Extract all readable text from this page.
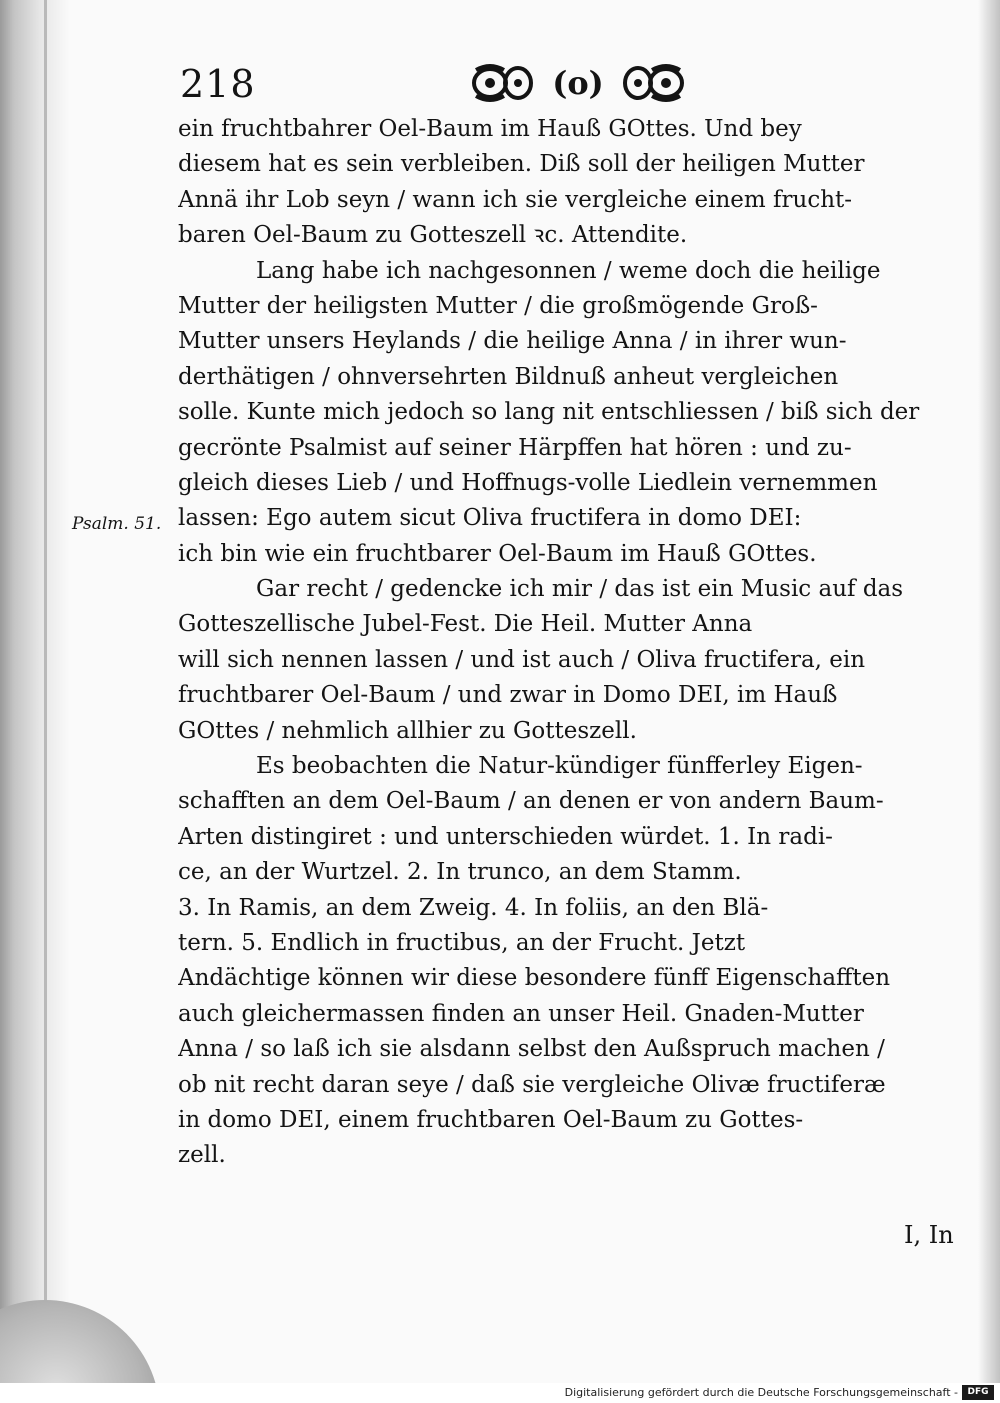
218	(o)
Psalm. 51.
ein fruchtbahrer Oel-Baum im Hauß GOttes. Und bey
diesem hat es sein verbleiben. Diß soll der heiligen Mutter
Annä ihr Lob seyn / wann ich sie vergleiche einem frucht-
baren Oel-Baum zu Gotteszell ꝛc. Attendite.
Lang habe ich nachgesonnen / weme doch die heilige
Mutter der heiligsten Mutter / die großmögende Groß-
Mutter unsers Heylands / die heilige Anna / in ihrer wun-
derthätigen / ohnversehrten Bildnuß anheut vergleichen
solle. Kunte mich jedoch so lang nit entschliessen / biß sich der
gecrönte Psalmist auf seiner Härpffen hat hören : und zu-
gleich dieses Lieb / und Hoffnugs-volle Liedlein vernemmen
lassen: Ego autem sicut Oliva fructifera in domo DEI:
ich bin wie ein fruchtbarer Oel-Baum im Hauß GOttes.
Gar recht / gedencke ich mir / das ist ein Music auf das
Gotteszellische Jubel-Fest. Die Heil. Mutter Anna
will sich nennen lassen / und ist auch / Oliva fructifera, ein
fruchtbarer Oel-Baum / und zwar in Domo DEI, im Hauß
GOttes / nehmlich allhier zu Gotteszell.
Es beobachten die Natur-kündiger fünfferley Eigen-
schafften an dem Oel-Baum / an denen er von andern Baum-
Arten distingiret : und unterschieden würdet. 1. In radi-
ce, an der Wurtzel. 2. In trunco, an dem Stamm.
3. In Ramis, an dem Zweig. 4. In foliis, an den Blä-
tern. 5. Endlich in fructibus, an der Frucht. Jetzt
Andächtige können wir diese besondere fünff Eigenschafften
auch gleichermassen finden an unser Heil. Gnaden-Mutter
Anna / so laß ich sie alsdann selbst den Außspruch machen /
ob nit recht daran seye / daß sie vergleiche Olivæ fructiferæ
in domo DEI, einem fruchtbaren Oel-Baum zu Gottes-
zell.
I, In
Digitalisierung gefördert durch die Deutsche Forschungsgemeinschaft -	DFG
